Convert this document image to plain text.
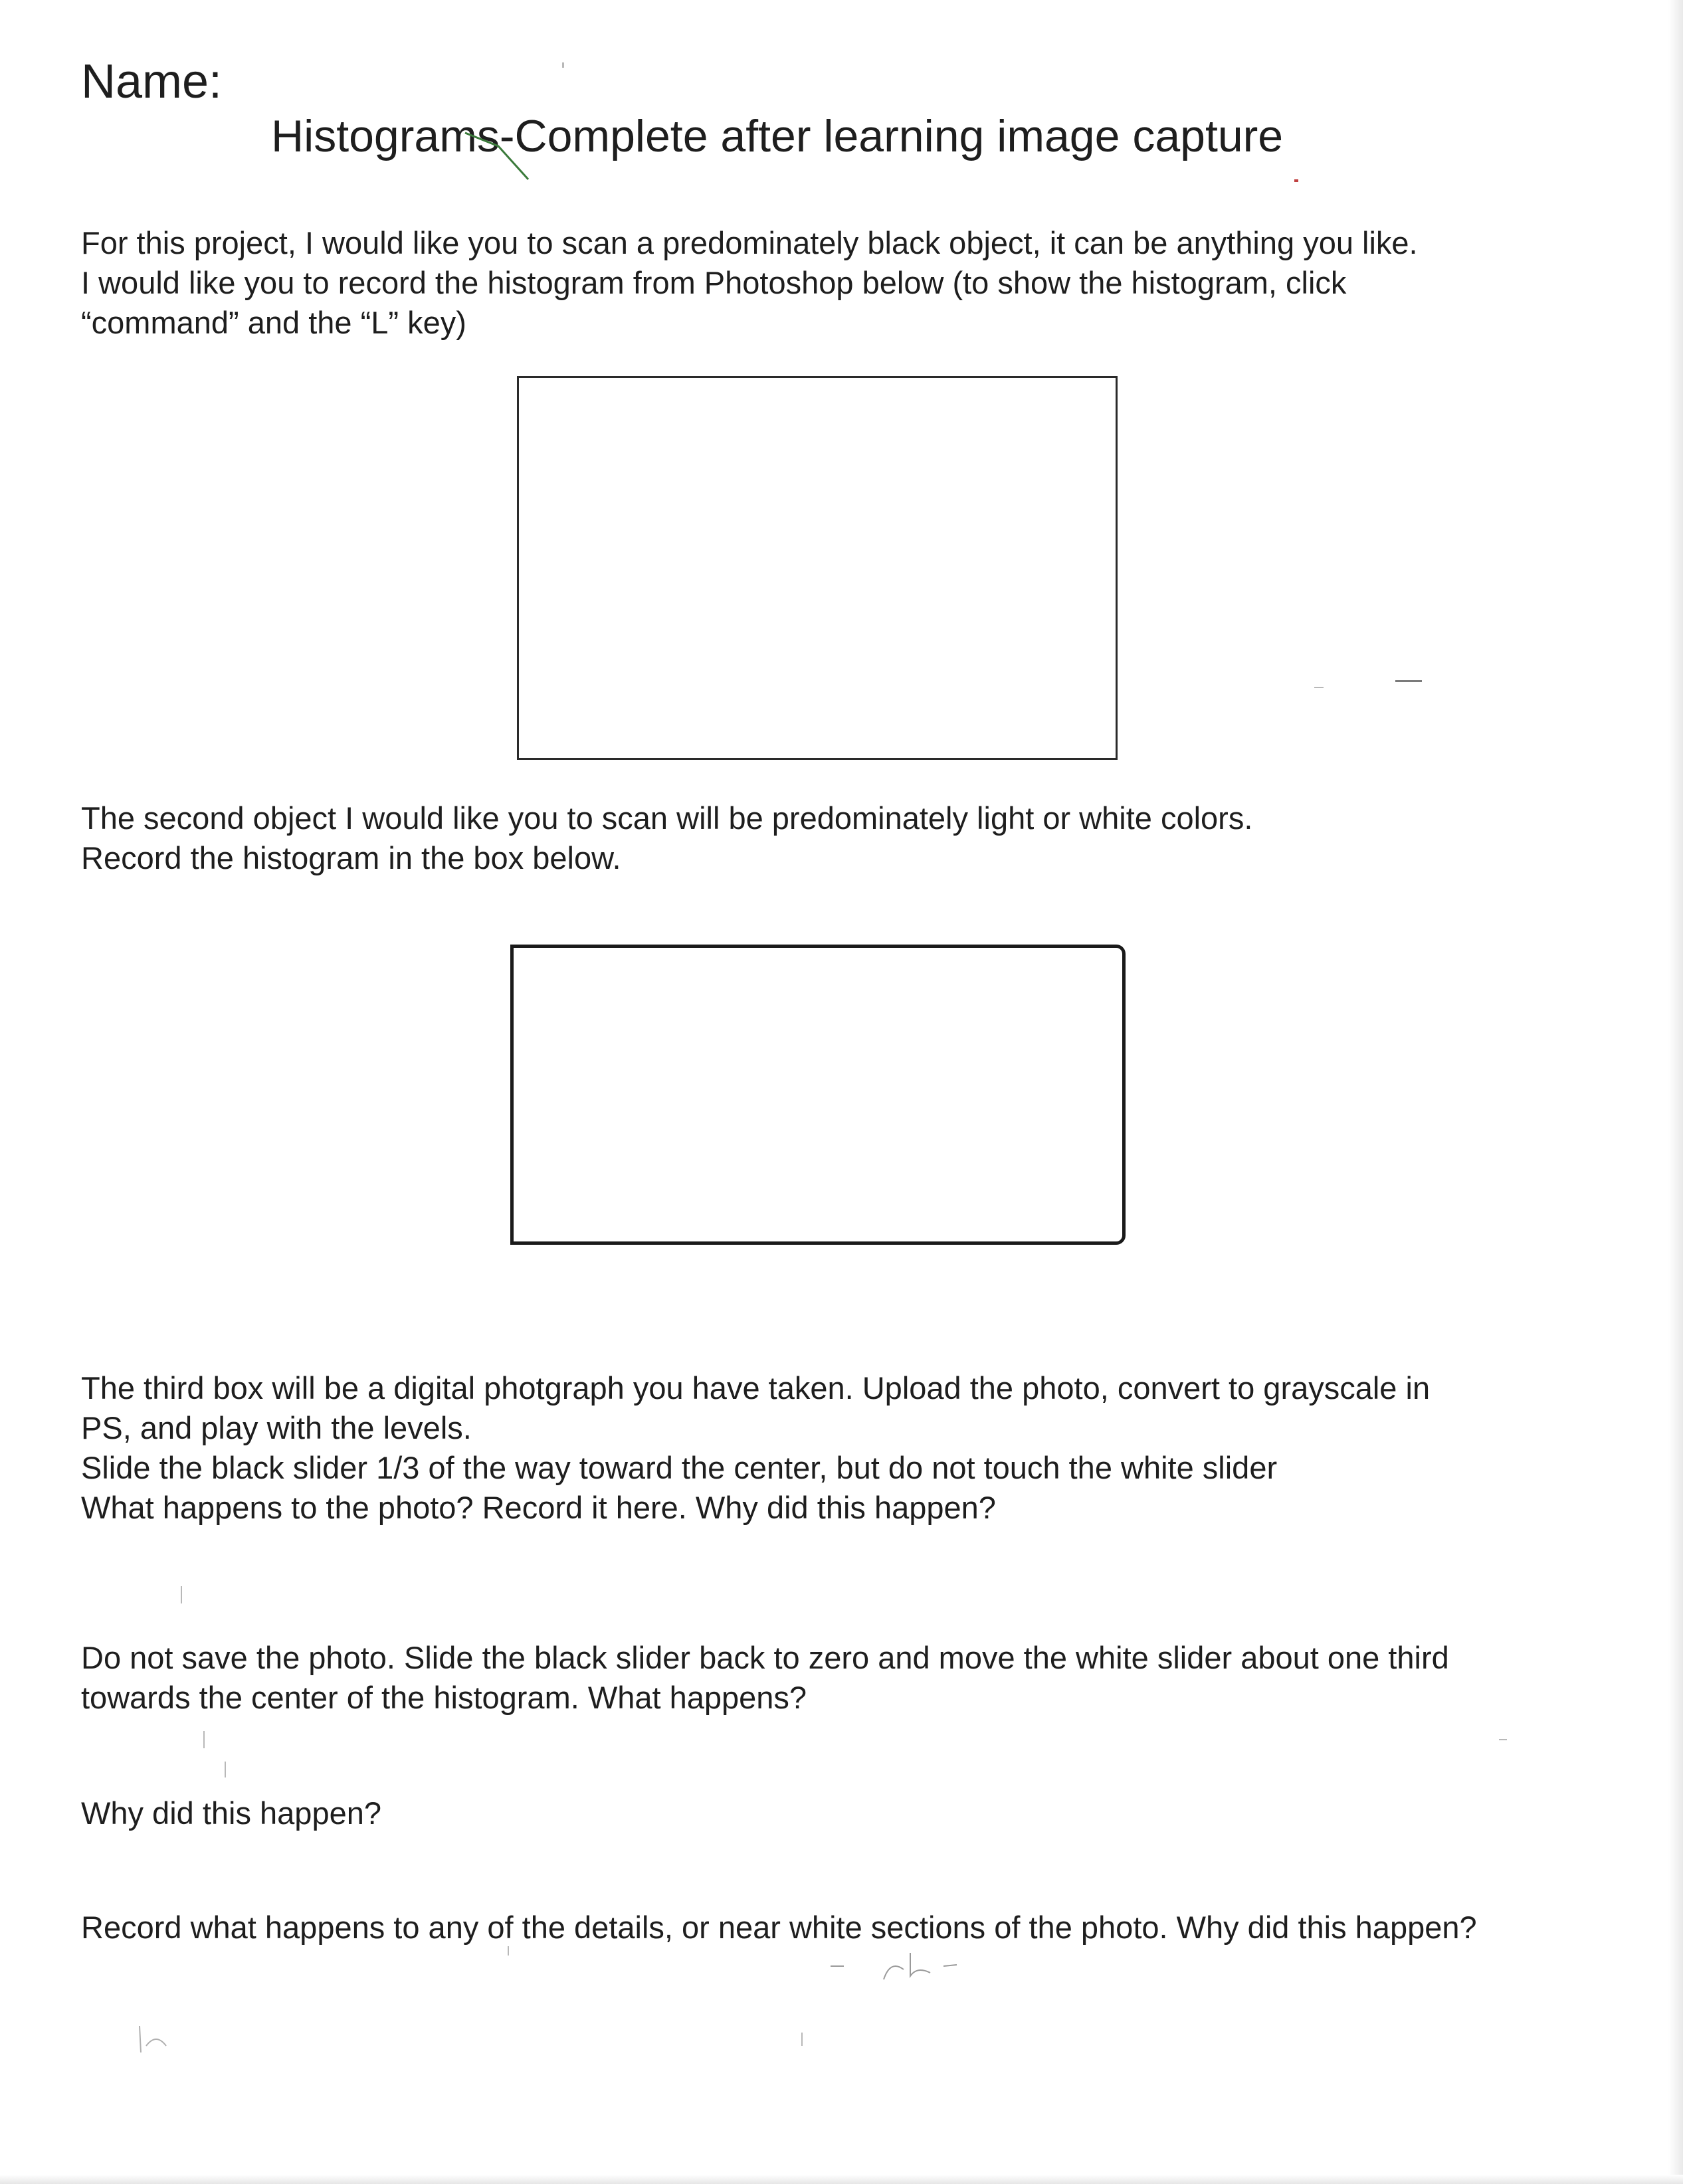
Name:
Histograms-Complete after learning image capture
For this project, I would like you to scan a predominately black object, it can be anything you like.
I would like you to record the histogram from Photoshop below (to show the histogram, click
“command” and the “L” key)
The second object I would like you to scan will be predominately light or white colors.
Record the histogram in the box below.
The third box will be a digital photgraph you have taken. Upload the photo, convert to grayscale in
PS, and play with the levels.
Slide the black slider 1/3 of the way toward the center, but do not touch the white slider
What happens to the photo? Record it here. Why did this happen?
Do not save the photo. Slide the black slider back to zero and move the white slider about one third
towards the center of the histogram. What happens?
Why did this happen?
Record what happens to any of the details, or near white sections of the photo. Why did this happen?
